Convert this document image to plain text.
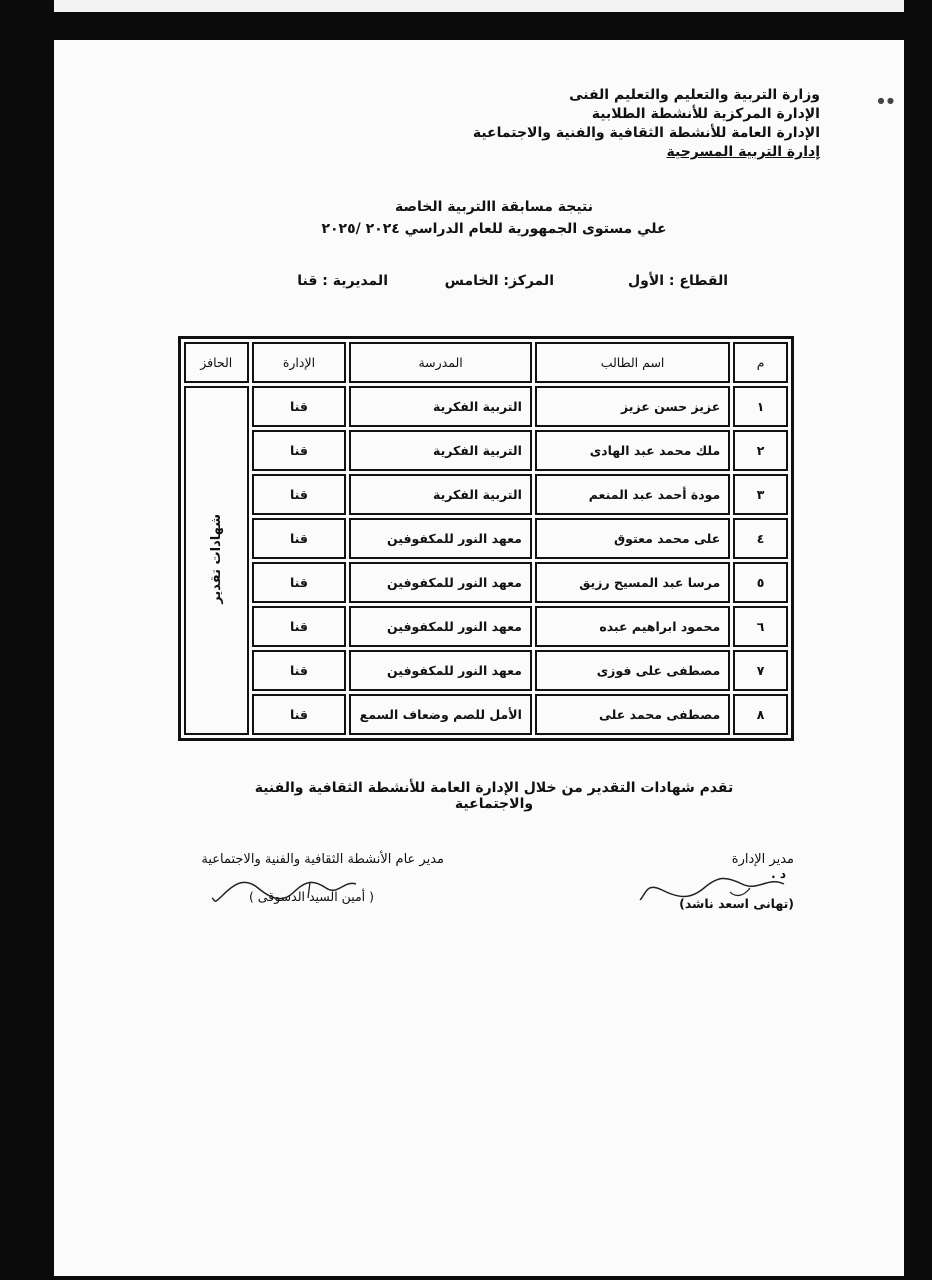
● ●
وزارة التربية والتعليم والتعليم الفنى
الإدارة المركزية للأنشطة الطلابية
الإدارة العامة للأنشطة الثقافية والفنية والاجتماعية
إدارة التربية المسرحية
نتيجة مسابقة االتربية الخاصة
علي مستوى الجمهورية للعام الدراسي ٢٠٢٤ /٢٠٢٥
القطاع : الأول
المركز: الخامس
المديرية : قنا
م	اسم الطالب	المدرسة	الإدارة	الحافز
١	عزيز حسن عزيز	التربية الفكرية	قنا	شهادات تقدير
٢	ملك محمد عبد الهادى	التربية الفكرية	قنا	
٣	مودة أحمد عبد المنعم	التربية الفكرية	قنا	
٤	على محمد معتوق	معهد النور للمكفوفين	قنا	
٥	مرسا عبد المسيح رزيق	معهد النور للمكفوفين	قنا	
٦	محمود ابراهيم عبده	معهد النور للمكفوفين	قنا	
٧	مصطفى على فوزى	معهد النور للمكفوفين	قنا	
٨	مصطفى محمد على	الأمل للصم وضعاف السمع	قنا	
تقدم شهادات التقدير من خلال الإدارة العامة للأنشطة الثقافية والفنية والاجتماعية
مدير الإدارة
د .
(تهانى اسعد ناشد)
مدير عام الأنشطة الثقافية والفنية والاجتماعية
( أمين السيد الدسوقى )
